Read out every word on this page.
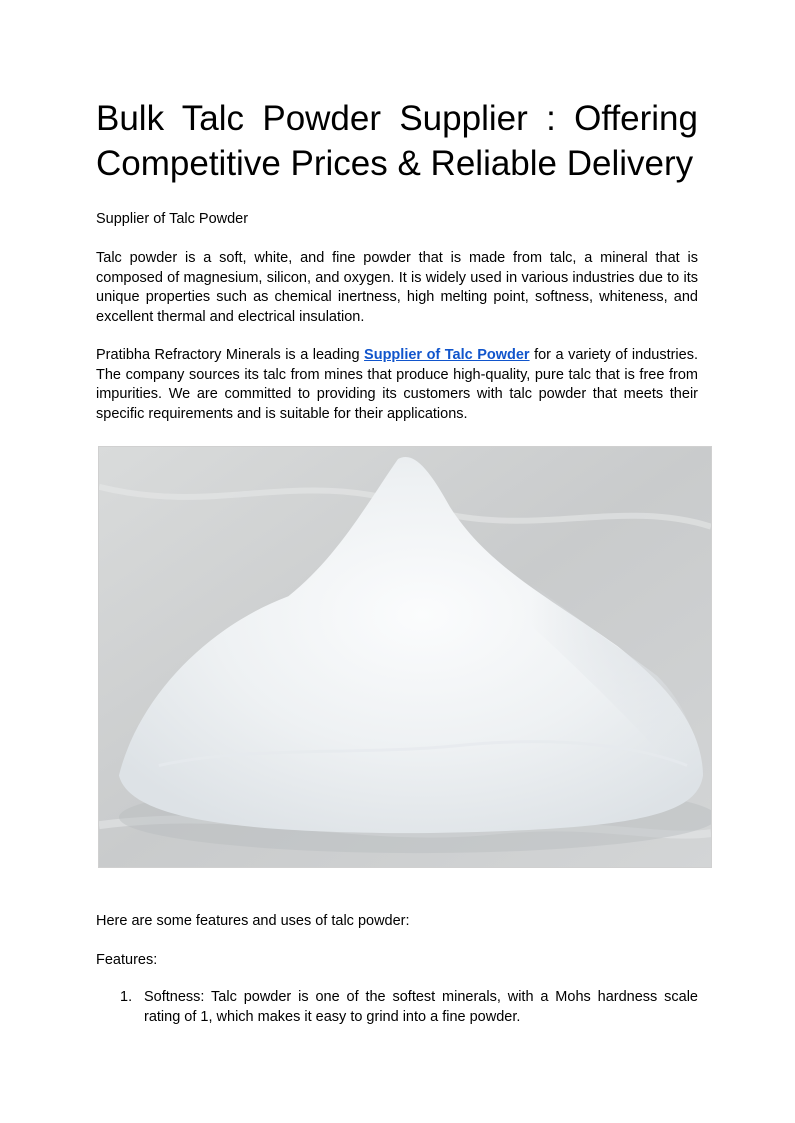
Bulk Talc Powder Supplier : Offering Competitive Prices & Reliable Delivery

Supplier of Talc Powder

Talc powder is a soft, white, and fine powder that is made from talc, a mineral that is composed of magnesium, silicon, and oxygen. It is widely used in various industries due to its unique properties such as chemical inertness, high melting point, softness, whiteness, and excellent thermal and electrical insulation.

Pratibha Refractory Minerals is a leading Supplier of Talc Powder for a variety of industries. The company sources its talc from mines that produce high-quality, pure talc that is free from impurities. We are committed to providing its customers with talc powder that meets their specific requirements and is suitable for their applications.

Here are some features and uses of talc powder:

Features:

1. Softness: Talc powder is one of the softest minerals, with a Mohs hardness scale rating of 1, which makes it easy to grind into a fine powder.
